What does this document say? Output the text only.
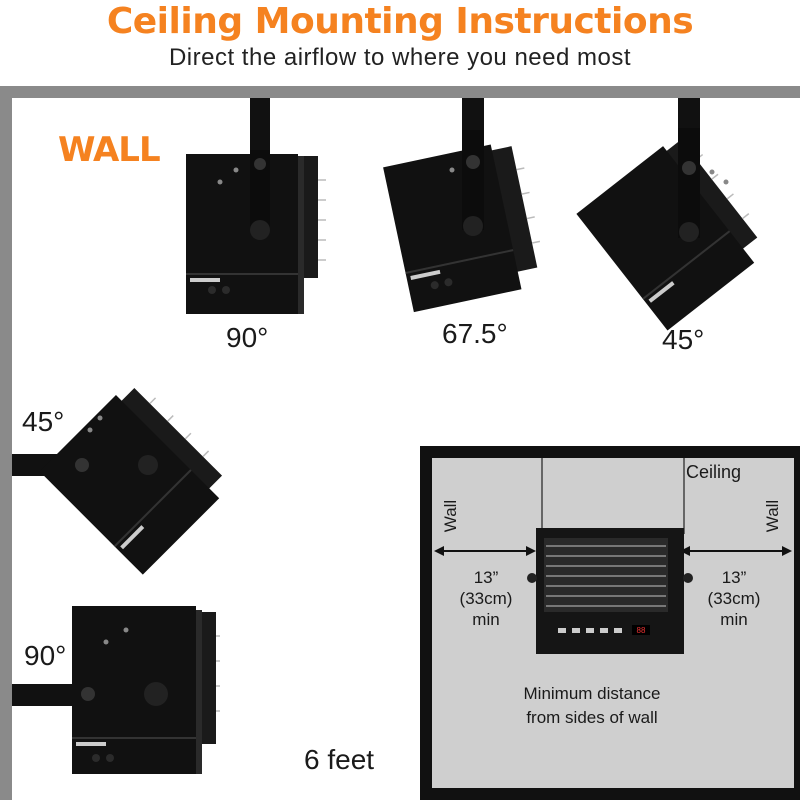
Ceiling Mounting Instructions
Direct the airflow to where you need most
WALL
90°	67.5°	45°
45°
90°
6 feet
88
Ceiling
Wall	Wall
13”
(33cm)
min
13”
(33cm)
min
Minimum distance
from sides of wall
